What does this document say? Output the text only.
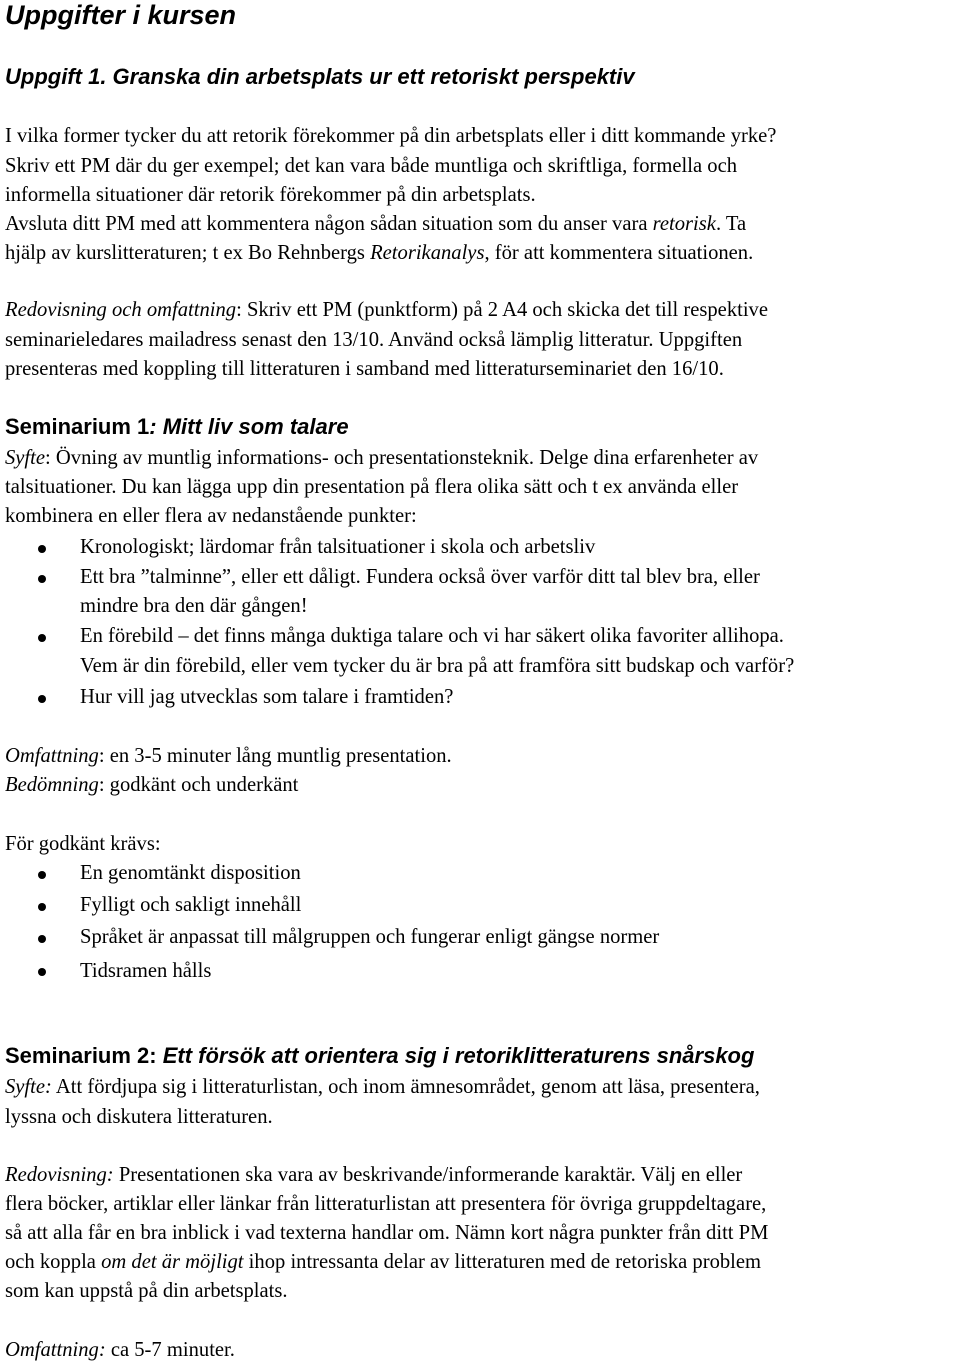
Uppgifter i kursen
Uppgift 1. Granska din arbetsplats ur ett retoriskt perspektiv
I vilka former tycker du att retorik förekommer på din arbetsplats eller i ditt kommande yrke?
Skriv ett PM där du ger exempel; det kan vara både muntliga och skriftliga, formella och
informella situationer där retorik förekommer på din arbetsplats.
Avsluta ditt PM med att kommentera någon sådan situation som du anser vara retorisk. Ta
hjälp av kurslitteraturen; t ex Bo Rehnbergs Retorikanalys, för att kommentera situationen.
Redovisning och omfattning: Skriv ett PM (punktform) på 2 A4 och skicka det till respektive
seminarieledares mailadress senast den 13/10. Använd också lämplig litteratur. Uppgiften
presenteras med koppling till litteraturen i samband med litteraturseminariet den 16/10.
Seminarium 1: Mitt liv som talare
Syfte: Övning av muntlig informations- och presentationsteknik. Delge dina erfarenheter av
talsituationer. Du kan lägga upp din presentation på flera olika sätt och t ex använda eller
kombinera en eller flera av nedanstående punkter:
Kronologiskt; lärdomar från talsituationer i skola och arbetsliv
Ett bra ”talminne”, eller ett dåligt. Fundera också över varför ditt tal blev bra, eller
mindre bra den där gången!
En förebild – det finns många duktiga talare och vi har säkert olika favoriter allihopa.
Vem är din förebild, eller vem tycker du är bra på att framföra sitt budskap och varför?
Hur vill jag utvecklas som talare i framtiden?
Omfattning: en 3-5 minuter lång muntlig presentation.
Bedömning: godkänt och underkänt
För godkänt krävs:
En genomtänkt disposition
Fylligt och sakligt innehåll
Språket är anpassat till målgruppen och fungerar enligt gängse normer
Tidsramen hålls
Seminarium 2: Ett försök att orientera sig i retoriklitteraturens snårskog
Syfte: Att fördjupa sig i litteraturlistan, och inom ämnesområdet, genom att läsa, presentera,
lyssna och diskutera litteraturen.
Redovisning: Presentationen ska vara av beskrivande/informerande karaktär. Välj en eller
flera böcker, artiklar eller länkar från litteraturlistan att presentera för övriga gruppdeltagare,
så att alla får en bra inblick i vad texterna handlar om. Nämn kort några punkter från ditt PM
och koppla om det är möjligt ihop intressanta delar av litteraturen med de retoriska problem
som kan uppstå på din arbetsplats.
Omfattning: ca 5-7 minuter.
